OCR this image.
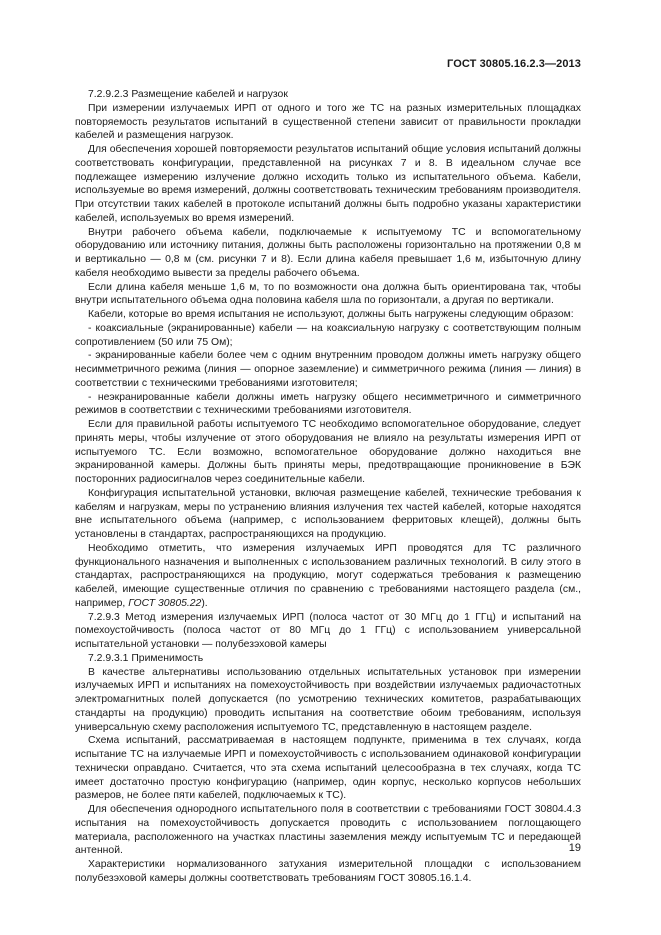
ГОСТ 30805.16.2.3—2013

7.2.9.2.3 Размещение кабелей и нагрузок

При измерении излучаемых ИРП от одного и того же ТС на разных измерительных площадках повторяемость результатов испытаний в существенной степени зависит от правильности прокладки кабелей и размещения нагрузок.

Для обеспечения хорошей повторяемости результатов испытаний общие условия испытаний должны соответствовать конфигурации, представленной на рисунках 7 и 8. В идеальном случае все подлежащее измерению излучение должно исходить только из испытательного объема. Кабели, используемые во время измерений, должны соответствовать техническим требованиям производителя. При отсутствии таких кабелей в протоколе испытаний должны быть подробно указаны характеристики кабелей, используемых во время измерений.

Внутри рабочего объема кабели, подключаемые к испытуемому ТС и вспомогательному оборудованию или источнику питания, должны быть расположены горизонтально на протяжении 0,8 м и вертикально — 0,8 м (см. рисунки 7 и 8). Если длина кабеля превышает 1,6 м, избыточную длину кабеля необходимо вывести за пределы рабочего объема.

Если длина кабеля меньше 1,6 м, то по возможности она должна быть ориентирована так, чтобы внутри испытательного объема одна половина кабеля шла по горизонтали, а другая по вертикали.

Кабели, которые во время испытания не используют, должны быть нагружены следующим образом:

- коаксиальные (экранированные) кабели — на коаксиальную нагрузку с соответствующим полным сопротивлением (50 или 75 Ом);

- экранированные кабели более чем с одним внутренним проводом должны иметь нагрузку общего несимметричного режима (линия — опорное заземление) и симметричного режима (линия — линия) в соответствии с техническими требованиями изготовителя;

- неэкранированные кабели должны иметь нагрузку общего несимметричного и симметричного режимов в соответствии с техническими требованиями изготовителя.

Если для правильной работы испытуемого ТС необходимо вспомогательное оборудование, следует принять меры, чтобы излучение от этого оборудования не влияло на результаты измерения ИРП от испытуемого ТС. Если возможно, вспомогательное оборудование должно находиться вне экранированной камеры. Должны быть приняты меры, предотвращающие проникновение в БЭК посторонних радиосигналов через соединительные кабели.

Конфигурация испытательной установки, включая размещение кабелей, технические требования к кабелям и нагрузкам, меры по устранению влияния излучения тех частей кабелей, которые находятся вне испытательного объема (например, с использованием ферритовых клещей), должны быть установлены в стандартах, распространяющихся на продукцию.

Необходимо отметить, что измерения излучаемых ИРП проводятся для ТС различного функционального назначения и выполненных с использованием различных технологий. В силу этого в стандартах, распространяющихся на продукцию, могут содержаться требования к размещению кабелей, имеющие существенные отличия по сравнению с требованиями настоящего раздела (см., например, ГОСТ 30805.22).

7.2.9.3 Метод измерения излучаемых ИРП (полоса частот от 30 МГц до 1 ГГц) и испытаний на помехоустойчивость (полоса частот от 80 МГц до 1 ГГц) с использованием универсальной испытательной установки — полубезэховой камеры

7.2.9.3.1 Применимость

В качестве альтернативы использованию отдельных испытательных установок при измерении излучаемых ИРП и испытаниях на помехоустойчивость при воздействии излучаемых радиочастотных электромагнитных полей допускается (по усмотрению технических комитетов, разрабатывающих стандарты на продукцию) проводить испытания на соответствие обоим требованиям, используя универсальную схему расположения испытуемого ТС, представленную в настоящем разделе.

Схема испытаний, рассматриваемая в настоящем подпункте, применима в тех случаях, когда испытание ТС на излучаемые ИРП и помехоустойчивость с использованием одинаковой конфигурации технически оправдано. Считается, что эта схема испытаний целесообразна в тех случаях, когда ТС имеет достаточно простую конфигурацию (например, один корпус, несколько корпусов небольших размеров, не более пяти кабелей, подключаемых к ТС).

Для обеспечения однородного испытательного поля в соответствии с требованиями ГОСТ 30804.4.3 испытания на помехоустойчивость допускается проводить с использованием поглощающего материала, расположенного на участках пластины заземления между испытуемым ТС и передающей антенной.

Характеристики нормализованного затухания измерительной площадки с использованием полубезэховой камеры должны соответствовать требованиям ГОСТ 30805.16.1.4.

19
